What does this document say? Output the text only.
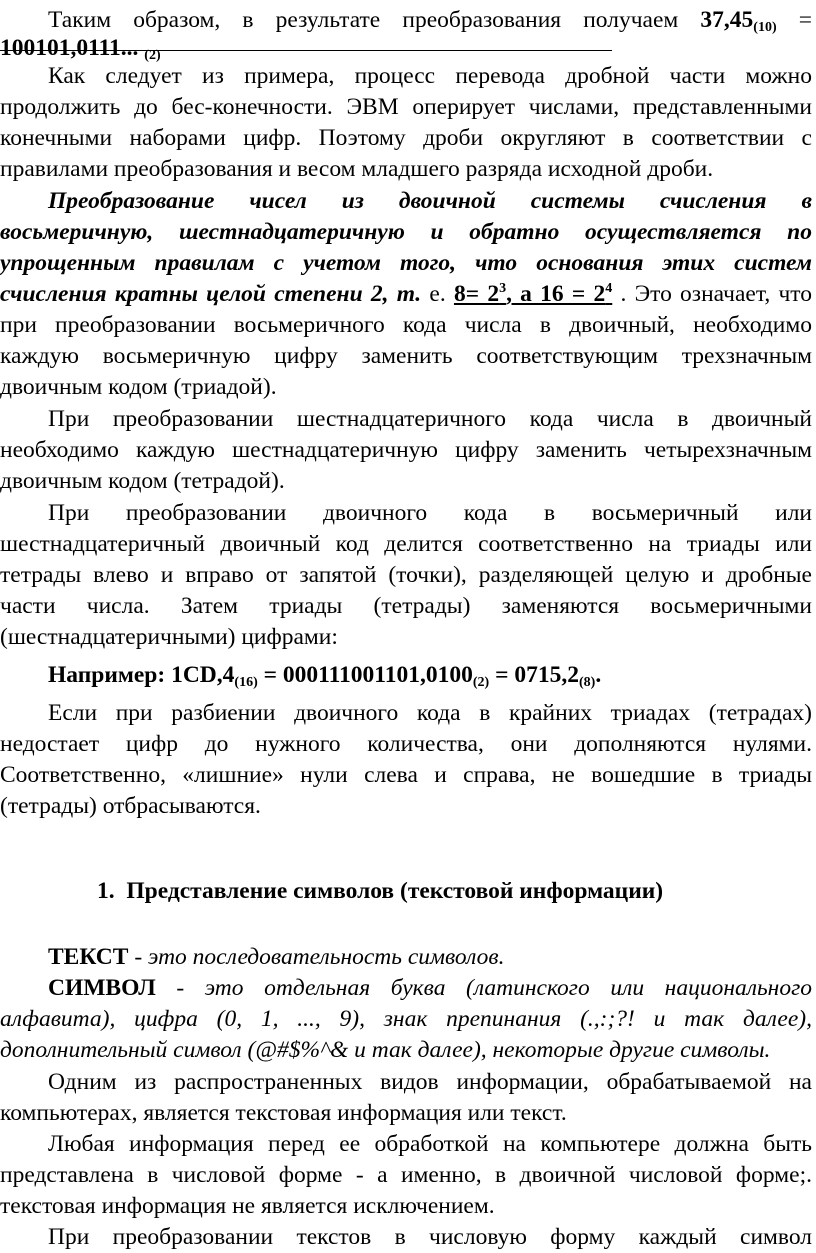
Таким образом, в результате преобразования получаем $37,45_{(10)}$ =
100101,0111... $_{(2)}$
Как следует из примера, процесс перевода дробной части можно
продолжить до бес-конечности. ЭВМ оперирует числами, представленными
конечными наборами цифр. Поэтому дроби округляют в соответствии с
правилами преобразования и весом младшего разряда исходной дроби.
Преобразование чисел из двоичной системы счисления в
восьмеричную, шестнадцатеричную и обратно осуществляется по
упрощенным правилам с учетом того, что основания этих систем
счисления кратны целой степени 2, т. е. $8= 2^3$, а $16 = 2^4$ . Это означает, что
при преобразовании восьмеричного кода числа в двоичный, необходимо
каждую восьмеричную цифру заменить соответствующим трехзначным
двоичным кодом (триадой).
При преобразовании шестнадцатеричного кода числа в двоичный
необходимо каждую шестнадцатеричную цифру заменить четырехзначным
двоичным кодом (тетрадой).
При преобразовании двоичного кода в восьмеричный или
шестнадцатеричный двоичный код делится соответственно на триады или
тетрады влево и вправо от запятой (точки), разделяющей целую и дробные
части числа. Затем триады (тетрады) заменяются восьмеричными
(шестнадцатеричными) цифрами:
Например: $1CD,4_{(16)} = 000111001101,0100_{(2)} = 0715,2_{(8)}$.
Если при разбиении двоичного кода в крайних триадах (тетрадах)
недостает цифр до нужного количества, они дополняются нулями.
Соответственно, «лишние» нули слева и справа, не вошедшие в триады
(тетрады) отбрасываются.
1. Представление символов (текстовой информации)
ТЕКСТ - это последовательность символов.
СИМВОЛ - это отдельная буква (латинского или национального
алфавита), цифра (0, 1, ..., 9), знак препинания (.,:;?! и так далее),
дополнительный символ (@#$%^& и так далее), некоторые другие символы.
Одним из распространенных видов информации, обрабатываемой на
компьютерах, является текстовая информация или текст.
Любая информация перед ее обработкой на компьютере должна быть
представлена в числовой форме - а именно, в двоичной числовой форме;.
текстовая информация не является исключением.
При преобразовании текстов в числовую форму каждый символ
